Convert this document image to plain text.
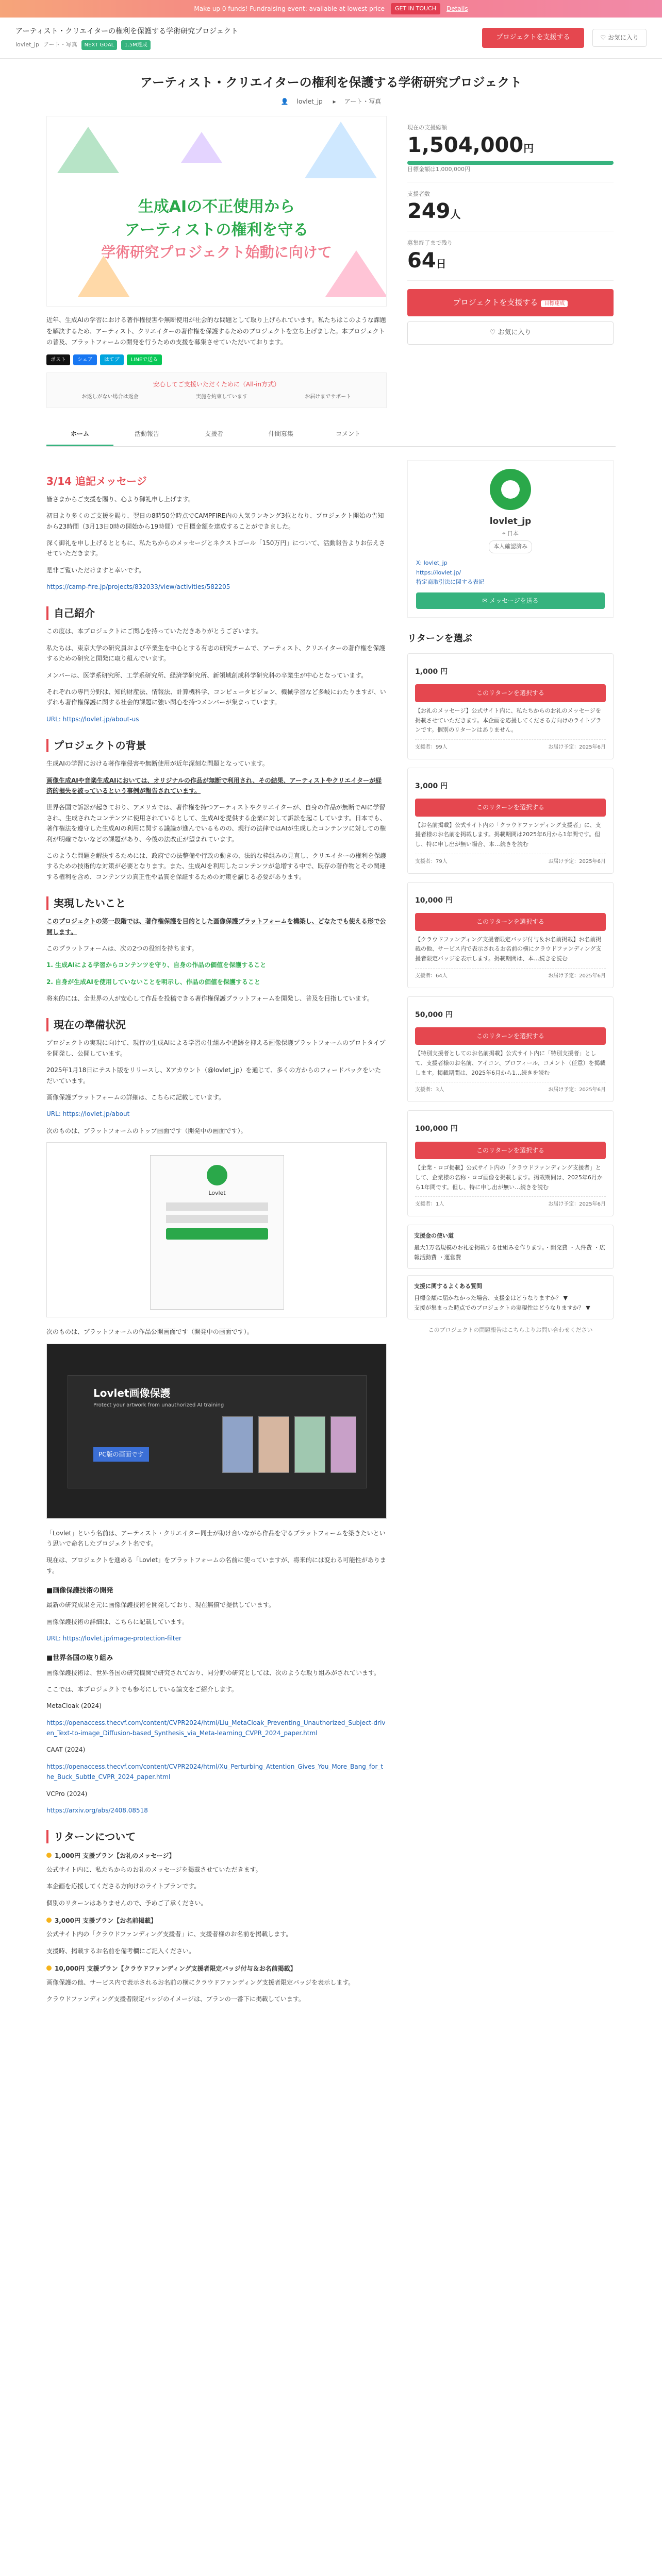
Make up 0 funds! Fundraising event: available at lowest price	GET IN TOUCH	Details
アーティスト・クリエイターの権利を保護する学術研究プロジェクト
lovlet_jp アート・写真	NEXT GOAL	1.5M達成
プロジェクトを支援する	♡ お気に入り
アーティスト・クリエイターの権利を保護する学術研究プロジェクト
👤 lovlet_jp ▸ アート・写真
生成AIの不正使用から
アーティストの権利を守る
学術研究プロジェクト始動に向けて

近年、生成AIの学習における著作権侵害や無断使用が社会的な問題として取り上げられています。私たちはこのような課題を解決するため、アーティスト、クリエイターの著作権を保護するためのプロジェクトを立ち上げました。本プロジェクトの普及、プラットフォームの開発を行うための支援を募集させていただいております。

ポスト	シェア	はてブ	LINEで送る
安心してご支援いただくために（All-in方式）
お返しがない場合は返金	実施を約束しています	お届けまでサポート
現在の支援総額
1,504,000円
目標金額は1,000,000円
支援者数
249人
募集終了まで残り
64日
プロジェクトを支援する 目標達成
♡ お気に入り
ホーム	活動報告	支援者	仲間募集	コメント
3/14 追記メッセージ

皆さまからご支援を賜り、心より御礼申し上げます。

初日より多くのご支援を賜り、翌日の8時50分時点でCAMPFIRE内の人気ランキング3位となり、プロジェクト開始の告知から23時間（3月13日0時の開始から19時間）で目標金額を達成することができました。

深く御礼を申し上げるとともに、私たちからのメッセージとネクストゴール「150万円」について、活動報告よりお伝えさせていただきます。

是非ご覧いただけますと幸いです。

https://camp-fire.jp/projects/832033/view/activities/582205

自己紹介

この度は、本プロジェクトにご関心を持っていただきありがとうございます。

私たちは、東京大学の研究員および卒業生を中心とする有志の研究チームで、アーティスト、クリエイターの著作権を保護するための研究と開発に取り組んでいます。

メンバーは、医学系研究所、工学系研究所、経済学研究所、新領域創成科学研究科の卒業生が中心となっています。

それぞれの専門分野は、知的財産法、情報法、計算機科学、コンピュータビジョン、機械学習など多岐にわたりますが、いずれも著作権保護に関する社会的課題に強い関心を持つメンバーが集まっています。

URL: https://lovlet.jp/about-us

プロジェクトの背景

生成AIの学習における著作権侵害や無断使用が近年深刻な問題となっています。

画像生成AIや音楽生成AIにおいては、オリジナルの作品が無断で利用され、その結果、アーティストやクリエイターが経済的損失を被っているという事例が報告されています。

世界各国で訴訟が起きており、アメリカでは、著作権を持つアーティストやクリエイターが、自身の作品が無断でAIに学習され、生成されたコンテンツに使用されているとして、生成AIを提供する企業に対して訴訟を起こしています。日本でも、著作権法を遵守した生成AIの利用に関する議論が進んでいるものの、現行の法律ではAIが生成したコンテンツに対しての権利が明確でないなどの課題があり、今後の法改正が望まれています。

このような問題を解決するためには、政府での法整備や行政の動きの、法的な枠組みの見直し、クリエイターの権利を保護するための技術的な対策が必要となります。また、生成AIを利用したコンテンツが急増する中で、既存の著作物とその関連する権利を含め、コンテンツの真正性や品質を保証するための対策を講じる必要があります。

実現したいこと

このプロジェクトの第一段階では、著作権保護を目的とした画像保護プラットフォームを構築し、どなたでも使える形で公開します。

このプラットフォームは、次の2つの役割を持ちます。

1. 生成AIによる学習からコンテンツを守り、自身の作品の価値を保護すること

2. 自身が生成AIを使用していないことを明示し、作品の価値を保護すること

将来的には、全世界の人が安心して作品を投稿できる著作権保護プラットフォームを開発し、普及を目指しています。

現在の準備状況

プロジェクトの実現に向けて、現行の生成AIによる学習の仕組みや追跡を抑える画像保護プラットフォームのプロトタイプを開発し、公開しています。

2025年1月18日にテスト版をリリースし、Xアカウント（@lovlet_jp）を通じて、多くの方からのフィードバックをいただいています。

画像保護プラットフォームの詳細は、こちらに記載しています。

URL: https://lovlet.jp/about

次のものは、プラットフォームのトップ画面です（開発中の画面です）。

Lovlet

次のものは、プラットフォームの作品公開画面です（開発中の画面です）。

Lovlet画像保護
Protect your artwork from unauthorized AI training
PC版の画面です

「Lovlet」という名前は、アーティスト・クリエイター同士が助け合いながら作品を守るプラットフォームを築きたいという思いで命名したプロジェクト名です。

現在は、プロジェクトを進める「Lovlet」をプラットフォームの名前に使っていますが、将来的には変わる可能性があります。

■画像保護技術の開発

最新の研究成果を元に画像保護技術を開発しており、現在無償で提供しています。

画像保護技術の詳細は、こちらに記載しています。

URL: https://lovlet.jp/image-protection-filter

■世界各国の取り組み

画像保護技術は、世界各国の研究機関で研究されており、同分野の研究としては、次のような取り組みがされています。

ここでは、本プロジェクトでも参考にしている論文をご紹介します。

MetaCloak (2024)

https://openaccess.thecvf.com/content/CVPR2024/html/Liu_MetaCloak_Preventing_Unauthorized_Subject-driven_Text-to-image_Diffusion-based_Synthesis_via_Meta-learning_CVPR_2024_paper.html

CAAT (2024)

https://openaccess.thecvf.com/content/CVPR2024/html/Xu_Perturbing_Attention_Gives_You_More_Bang_for_the_Buck_Subtle_CVPR_2024_paper.html

VCPro (2024)

https://arxiv.org/abs/2408.08518

リターンについて
1,000円 支援プラン【お礼のメッセージ】

公式サイト内に、私たちからのお礼のメッセージを掲載させていただきます。

本企画を応援してくださる方向けのライトプランです。

個別のリターンはありませんので、予めご了承ください。

3,000円 支援プラン【お名前掲載】

公式サイト内の「クラウドファンディング支援者」に、支援者様のお名前を掲載します。

支援時、掲載するお名前を備考欄にご記入ください。

10,000円 支援プラン【クラウドファンディング支援者限定バッジ付与＆お名前掲載】

画像保護の他、サービス内で表示されるお名前の横にクラウドファンディング支援者限定バッジを表示します。

クラウドファンディング支援者限定バッジのイメージは、プランの一番下に掲載しています。

lovlet_jp
⌖ 日本
本人確認済み
X: lovlet_jp
https://lovlet.jp/
特定商取引法に関する表記
✉ メッセージを送る
リターンを選ぶ
1,000 円
このリターンを選択する
【お礼のメッセージ】公式サイト内に、私たちからのお礼のメッセージを掲載させていただきます。本企画を応援してくださる方向けのライトプランです。個別のリターンはありません。
支援者：99人	お届け予定：2025年6月
3,000 円
このリターンを選択する
【お名前掲載】公式サイト内の「クラウドファンディング支援者」に、支援者様のお名前を掲載します。掲載期間は2025年6月から1年間です。但し、特に申し出が無い場合、本…続きを読む
支援者：79人	お届け予定：2025年6月
10,000 円
このリターンを選択する
【クラウドファンディング支援者限定バッジ付与＆お名前掲載】お名前掲載の他、サービス内で表示されるお名前の横にクラウドファンディング支援者限定バッジを表示します。掲載期間は、本…続きを読む
支援者：64人	お届け予定：2025年6月
50,000 円
このリターンを選択する
【特別支援者としてのお名前掲載】公式サイト内に「特別支援者」として、支援者様のお名前、アイコン、プロフィール、コメント（任意）を掲載します。掲載期間は、2025年6月から1…続きを読む
支援者：3人	お届け予定：2025年6月
100,000 円
このリターンを選択する
【企業・ロゴ掲載】公式サイト内の「クラウドファンディング支援者」として、企業様の名称・ロゴ画像を掲載します。掲載期間は、2025年6月から1年間です。但し、特に申し出が無い…続きを読む
支援者：1人	お届け予定：2025年6月
支援金の使い道
最大1万名規模のお礼を掲載する仕組みを作ります。・開発費 ・人件費 ・広報活動費 ・運営費
支援に関するよくある質問
目標金額に届かなかった場合、支援金はどうなりますか？ ▼
支援が集まった時点でのプロジェクトの実現性はどうなりますか？ ▼
このプロジェクトの問題報告はこちらよりお問い合わせください
